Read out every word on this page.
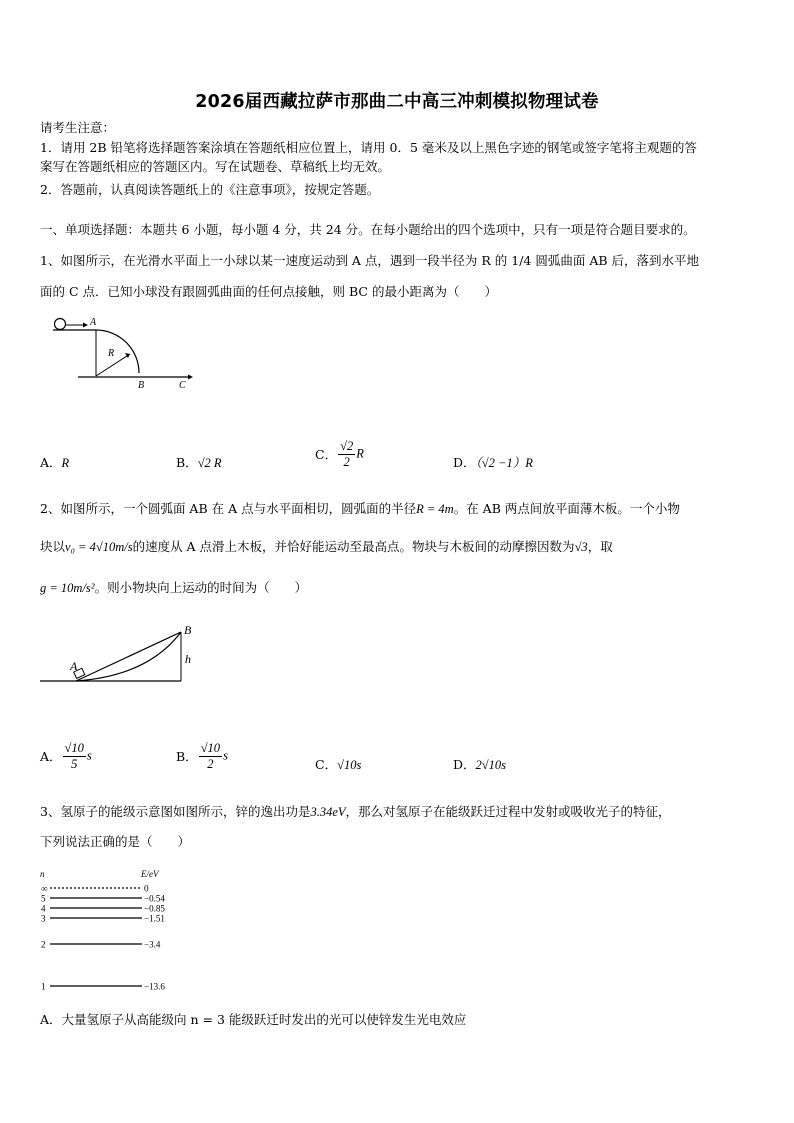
2026届西藏拉萨市那曲二中高三冲刺模拟物理试卷
请考生注意：
1．请用 2B 铅笔将选择题答案涂填在答题纸相应位置上，请用 0．5 毫米及以上黑色字迹的钢笔或签字笔将主观题的答
案写在答题纸相应的答题区内。写在试题卷、草稿纸上均无效。
2．答题前，认真阅读答题纸上的《注意事项》，按规定答题。
一、单项选择题：本题共 6 小题，每小题 4 分，共 24 分。在每小题给出的四个选项中，只有一项是符合题目要求的。
1、如图所示，在光滑水平面上一小球以某一速度运动到 A 点，遇到一段半径为 R 的 1/4 圆弧曲面 AB 后，落到水平地
面的 C 点．已知小球没有跟圆弧曲面的任何点接触，则 BC 的最小距离为（　　）
A
R
B	C
A．R	B．√2 R
C． $\frac{√2}{2}$ R
D．（√2 −1）R
2、如图所示，一个圆弧面 AB 在 A 点与水平面相切，圆弧面的半径R = 4m。在 AB 两点间放平面薄木板。一个小物
块以v₀ = 4√10m/s的速度从 A 点滑上木板，并恰好能运动至最高点。物块与木板间的动摩擦因数为√3，取
g = 10m/s²。则小物块向上运动的时间为（　　）
A
B
h
A． $\frac{√10}{5}$ s	B． $\frac{√10}{2}$ s
C．√10s	D．2√10s
3、氢原子的能级示意图如图所示，锌的逸出功是3.34eV，那么对氢原子在能级跃迁过程中发射或吸收光子的特征，
下列说法正确的是（　　）
n	E/eV
∞	0
5	−0.54
4	−0.85
3	−1.51
2	−3.4
1	−13.6
A．大量氢原子从高能级向 n = 3 能级跃迁时发出的光可以使锌发生光电效应
